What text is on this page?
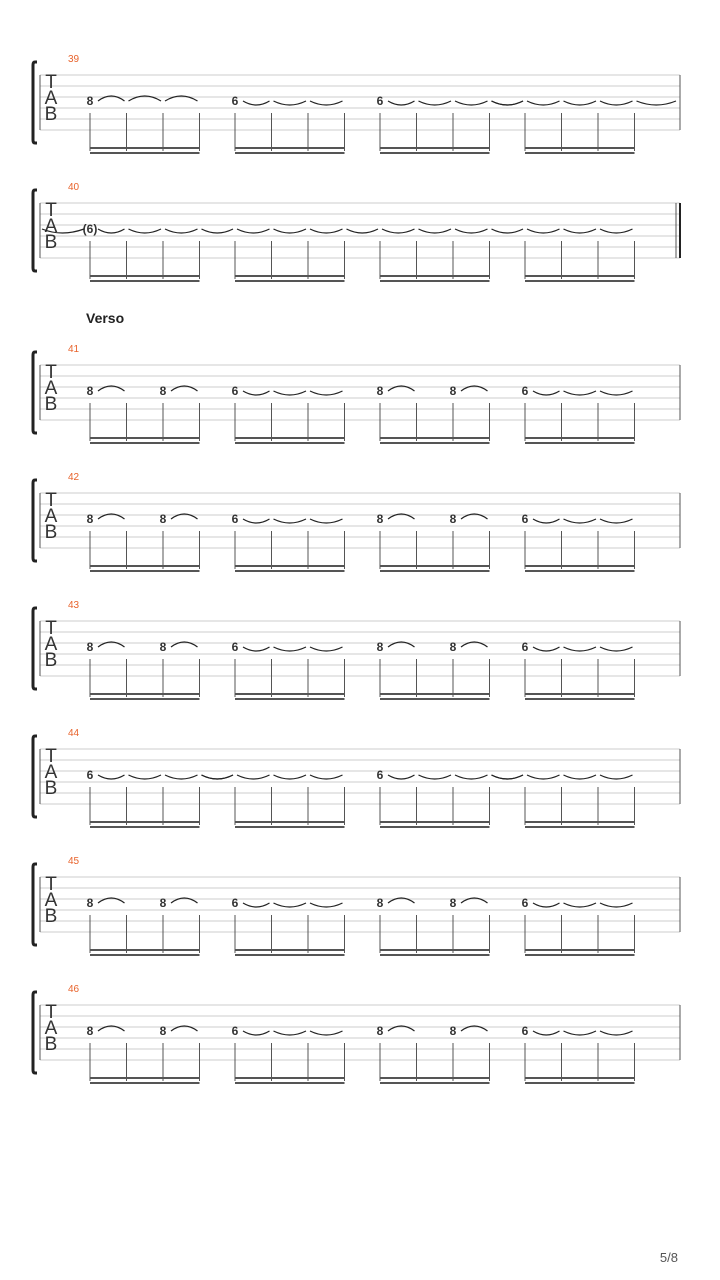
39
T
A
B
8	6	6
40
T
A
B
(6)
Verso
41
T
A
B
8	8	6	8	8	6
42
T
A
B
8	8	6	8	8	6
43
T
A
B
8	8	6	8	8	6
44
T
A
B
6	6
45
T
A
B
8	8	6	8	8	6
46
T
A
B
8	8	6	8	8	6
5/8
